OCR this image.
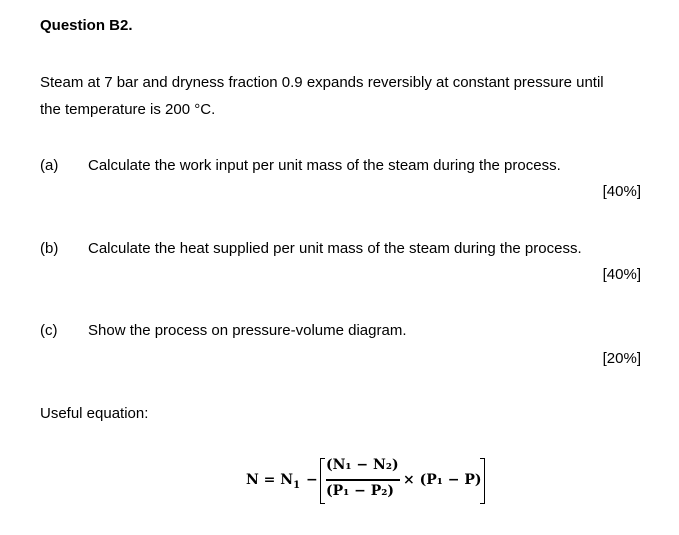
Question B2.
Steam at 7 bar and dryness fraction 0.9 expands reversibly at constant pressure until
the temperature is 200 °C.
(a) Calculate the work input per unit mass of the steam during the process.
[40%]
(b) Calculate the heat supplied per unit mass of the steam during the process.
[40%]
(c) Show the process on pressure-volume diagram.
[20%]
Useful equation:
$N = N_1$ −
(N₁ − N₂)
(P₁ − P₂)
× (P₁ − P)
